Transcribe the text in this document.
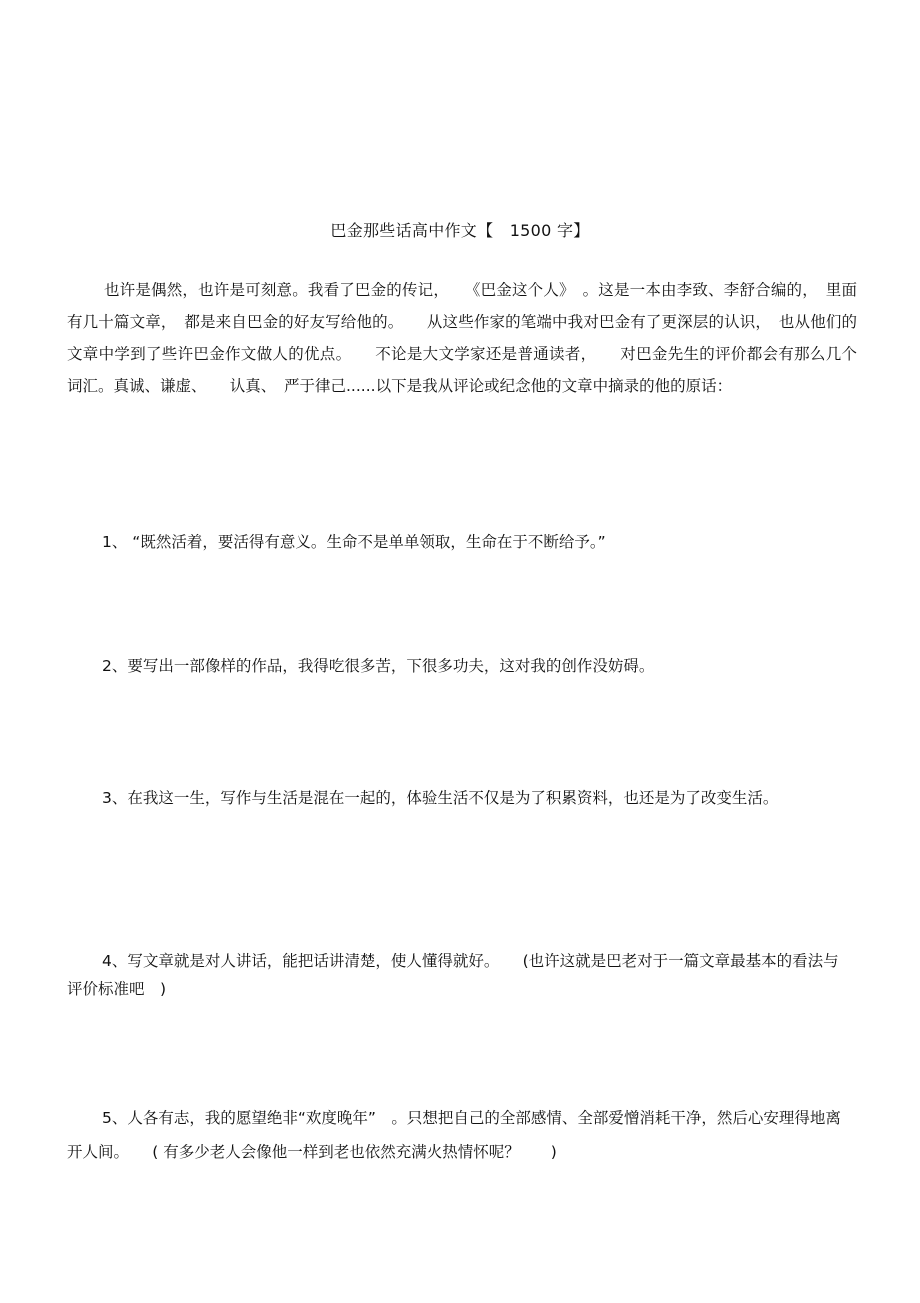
巴金那些话高中作文【　1500 字】

也许是偶然，也许是可刻意。我看了巴金的传记，　　《巴金这个人》　。这是一本由李致、李舒合编的，　里面有几十篇文章，　都是来自巴金的好友写给他的。　　从这些作家的笔端中我对巴金有了更深层的认识，　也从他们的文章中学到了些许巴金作文做人的优点。　　不论是大文学家还是普通读者，　　对巴金先生的评价都会有那么几个词汇。真诚、谦虚、　　认真、　严于律己......以下是我从评论或纪念他的文章中摘录的他的原话：

1、 “既然活着，要活得有意义。生命不是单单领取，生命在于不断给予。”

2、要写出一部像样的作品，我得吃很多苦，下很多功夫，这对我的创作没妨碍。

3、在我这一生，写作与生活是混在一起的，体验生活不仅是为了积累资料，也还是为了改变生活。

4、写文章就是对人讲话，能把话讲清楚，使人懂得就好。　　(也许这就是巴老对于一篇文章最基本的看法与评价标准吧　)

5、人各有志，我的愿望绝非“欢度晚年”　。只想把自己的全部感情、全部爱憎消耗干净，然后心安理得地离开人间。　　( 有多少老人会像他一样到老也依然充满火热情怀呢？　　)
